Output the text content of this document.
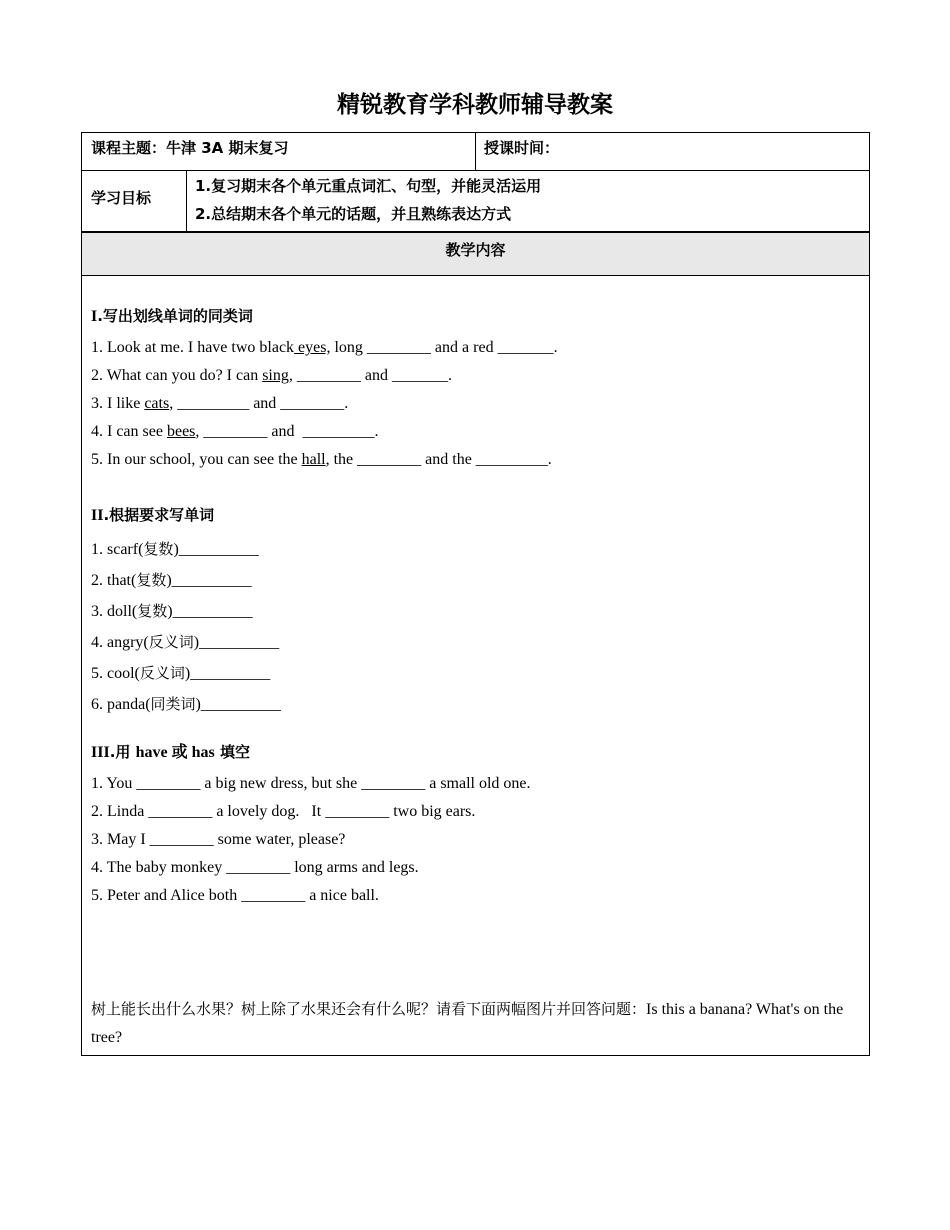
精锐教育学科教师辅导教案
课程主题：牛津 3A 期末复习	授课时间：
学习目标
1.复习期末各个单元重点词汇、句型，并能灵活运用
2.总结期末各个单元的话题，并且熟练表达方式
教学内容
I.写出划线单词的同类词
1. Look at me. I have two black eyes, long ________ and a red _______.
2. What can you do? I can sing, ________ and _______.
3. I like cats, _________ and ________.
4. I can see bees, ________ and  _________.
5. In our school, you can see the hall, the ________ and the _________.
II.根据要求写单词
1. scarf(复数)__________
2. that(复数)__________
3. doll(复数)__________
4. angry(反义词)__________
5. cool(反义词)__________
6. panda(同类词)__________
III.用 have 或 has 填空
1. You ________ a big new dress, but she ________ a small old one.
2. Linda ________ a lovely dog.   It ________ two big ears.
3. May I ________ some water, please?
4. The baby monkey ________ long arms and legs.
5. Peter and Alice both ________ a nice ball.
树上能长出什么水果？树上除了水果还会有什么呢？请看下面两幅图片并回答问题：Is this a banana? What's on the tree?
